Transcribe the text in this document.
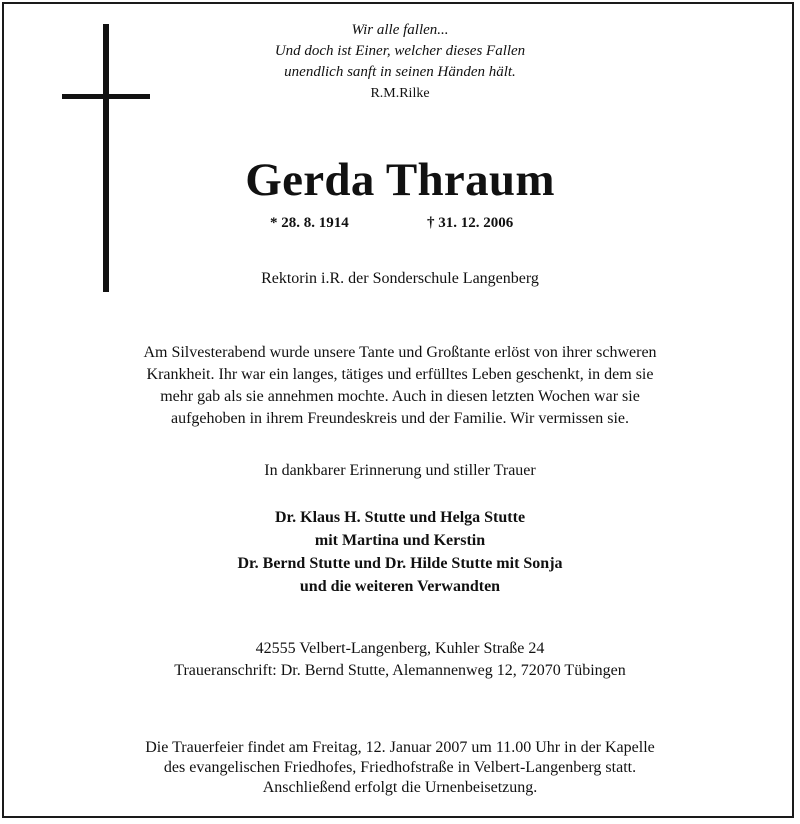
Wir alle fallen...
Und doch ist Einer, welcher dieses Fallen
unendlich sanft in seinen Händen hält.
R.M.Rilke
Gerda Thraum
* 28. 8. 1914	† 31. 12. 2006
Rektorin i.R. der Sonderschule Langenberg
Am Silvesterabend wurde unsere Tante und Großtante erlöst von ihrer schweren
Krankheit. Ihr war ein langes, tätiges und erfülltes Leben geschenkt, in dem sie
mehr gab als sie annehmen mochte. Auch in diesen letzten Wochen war sie
aufgehoben in ihrem Freundeskreis und der Familie. Wir vermissen sie.
In dankbarer Erinnerung und stiller Trauer
Dr. Klaus H. Stutte und Helga Stutte
mit Martina und Kerstin
Dr. Bernd Stutte und Dr. Hilde Stutte mit Sonja
und die weiteren Verwandten
42555 Velbert-Langenberg, Kuhler Straße 24
Traueranschrift: Dr. Bernd Stutte, Alemannenweg 12, 72070 Tübingen
Die Trauerfeier findet am Freitag, 12. Januar 2007 um 11.00 Uhr in der Kapelle
des evangelischen Friedhofes, Friedhofstraße in Velbert-Langenberg statt.
Anschließend erfolgt die Urnenbeisetzung.
